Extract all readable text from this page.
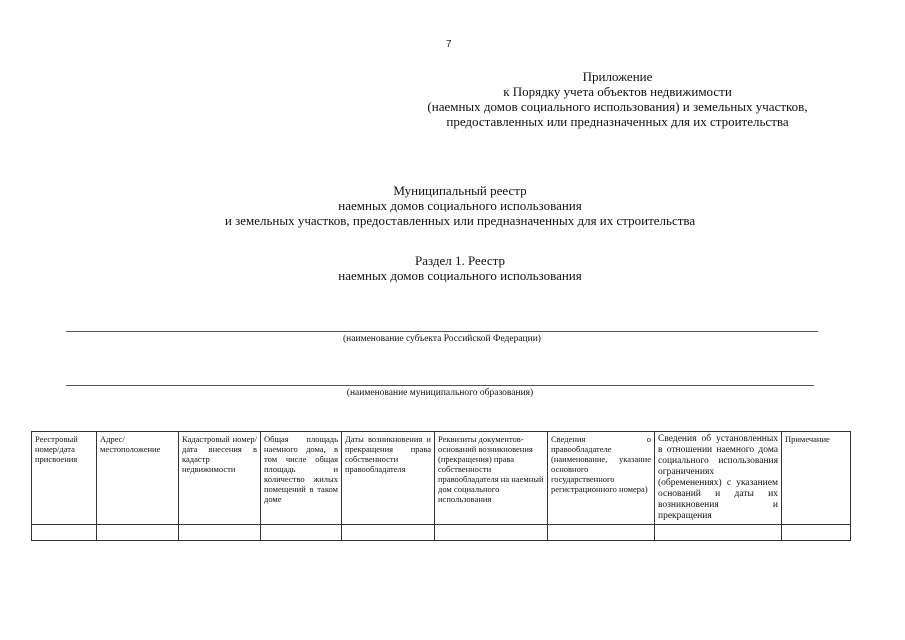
7
Приложение
к Порядку учета объектов недвижимости
(наемных домов социального использования) и земельных участков,
предоставленных или предназначенных для их строительства
Муниципальный реестр
наемных домов социального использования
и земельных участков, предоставленных или предназначенных для их строительства
Раздел 1. Реестр
наемных домов социального использования
(наименование субъекта Российской Федерации)
(наименование муниципального образования)
Реестровый номер/дата присвоения	Адрес/ местоположение	Кадастровый номер/дата внесения в кадастр недвижимости	Общая площадь наемного дома, в том числе общая площадь и количество жилых помещений в таком доме	Даты возникновения и прекращения права собственности правообладателя	Реквизиты документов-оснований возникновения (прекращения) права собственности правообладателя на наемный дом социального использования	Сведения о правообладателе (наименование, указание основного государственного регистрационного номера)	Сведения об установленных в отношении наемного дома социального использования ограничениях (обременениях) с указанием оснований и даты их возникновения и прекращения	Примечание
